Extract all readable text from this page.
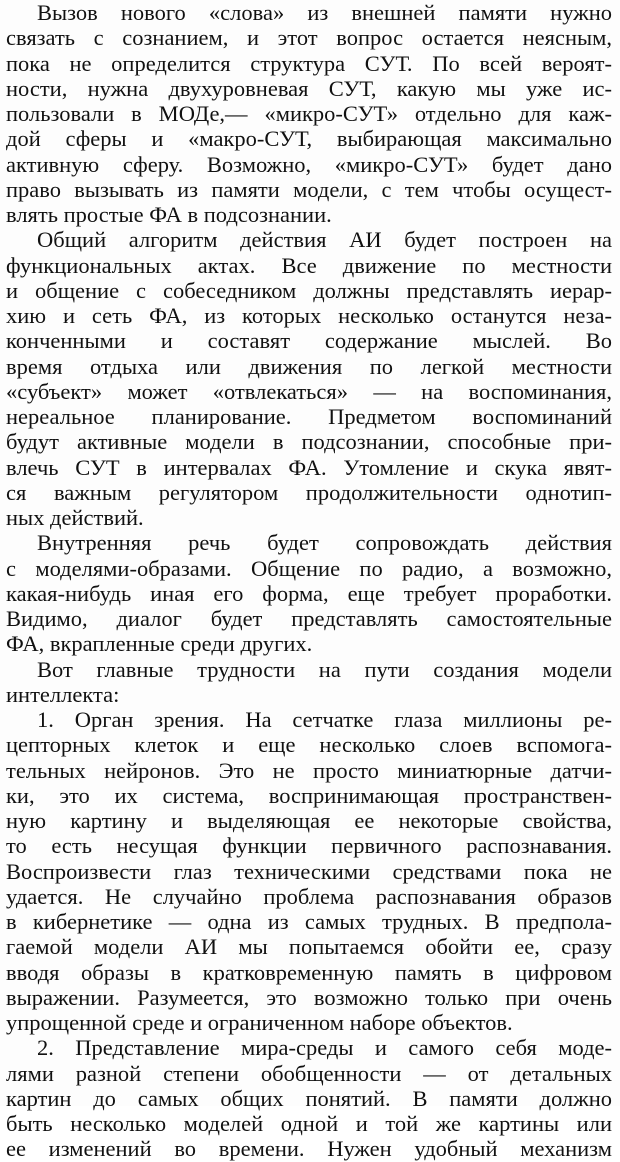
Вызов нового «слова» из внешней памяти нужно
связать с сознанием, и этот вопрос остается неясным,
пока не определится структура СУТ. По всей вероят-
ности, нужна двухуровневая СУТ, какую мы уже ис-
пользовали в МОДе,— «микро-СУТ» отдельно для каж-
дой сферы и «макро-СУТ, выбирающая максимально
активную сферу. Возможно, «микро-СУТ» будет дано
право вызывать из памяти модели, с тем чтобы осущест-
влять простые ФА в подсознании.
Общий алгоритм действия АИ будет построен на
функциональных актах. Все движение по местности
и общение с собеседником должны представлять иерар-
хию и сеть ФА, из которых несколько останутся неза-
конченными и составят содержание мыслей. Во
время отдыха или движения по легкой местности
«субъект» может «отвлекаться» — на воспоминания,
нереальное планирование. Предметом воспоминаний
будут активные модели в подсознании, способные при-
влечь СУТ в интервалах ФА. Утомление и скука явят-
ся важным регулятором продолжительности однотип-
ных действий.
Внутренняя речь будет сопровождать действия
с моделями-образами. Общение по радио, а возможно,
какая-нибудь иная его форма, еще требует проработки.
Видимо, диалог будет представлять самостоятельные
ФА, вкрапленные среди других.
Вот главные трудности на пути создания модели
интеллекта:
1. Орган зрения. На сетчатке глаза миллионы ре-
цепторных клеток и еще несколько слоев вспомога-
тельных нейронов. Это не просто миниатюрные датчи-
ки, это их система, воспринимающая пространствен-
ную картину и выделяющая ее некоторые свойства,
то есть несущая функции первичного распознавания.
Воспроизвести глаз техническими средствами пока не
удается. Не случайно проблема распознавания образов
в кибернетике — одна из самых трудных. В предпола-
гаемой модели АИ мы попытаемся обойти ее, сразу
вводя образы в кратковременную память в цифровом
выражении. Разумеется, это возможно только при очень
упрощенной среде и ограниченном наборе объектов.
2. Представление мира-среды и самого себя моде-
лями разной степени обобщенности — от детальных
картин до самых общих понятий. В памяти должно
быть несколько моделей одной и той же картины или
ее изменений во времени. Нужен удобный механизм
